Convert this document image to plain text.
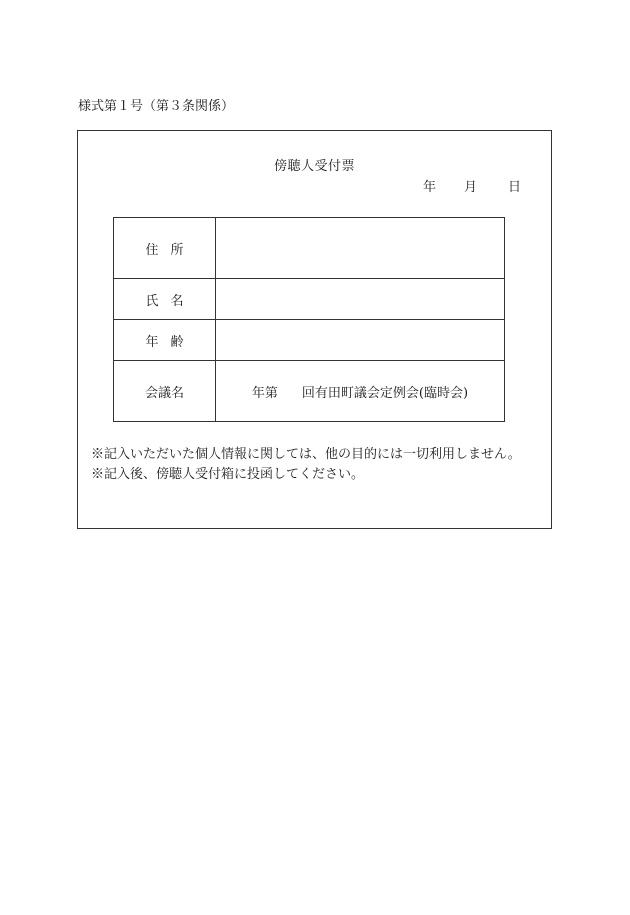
様式第１号（第３条関係）
傍聴人受付票
年 月 日
住 所	
氏 名	
年 齢	
会議名	年第 回有田町議会定例会(臨時会)
※記入いただいた個人情報に関しては、他の目的には一切利用しません。
※記入後、傍聴人受付箱に投函してください。
